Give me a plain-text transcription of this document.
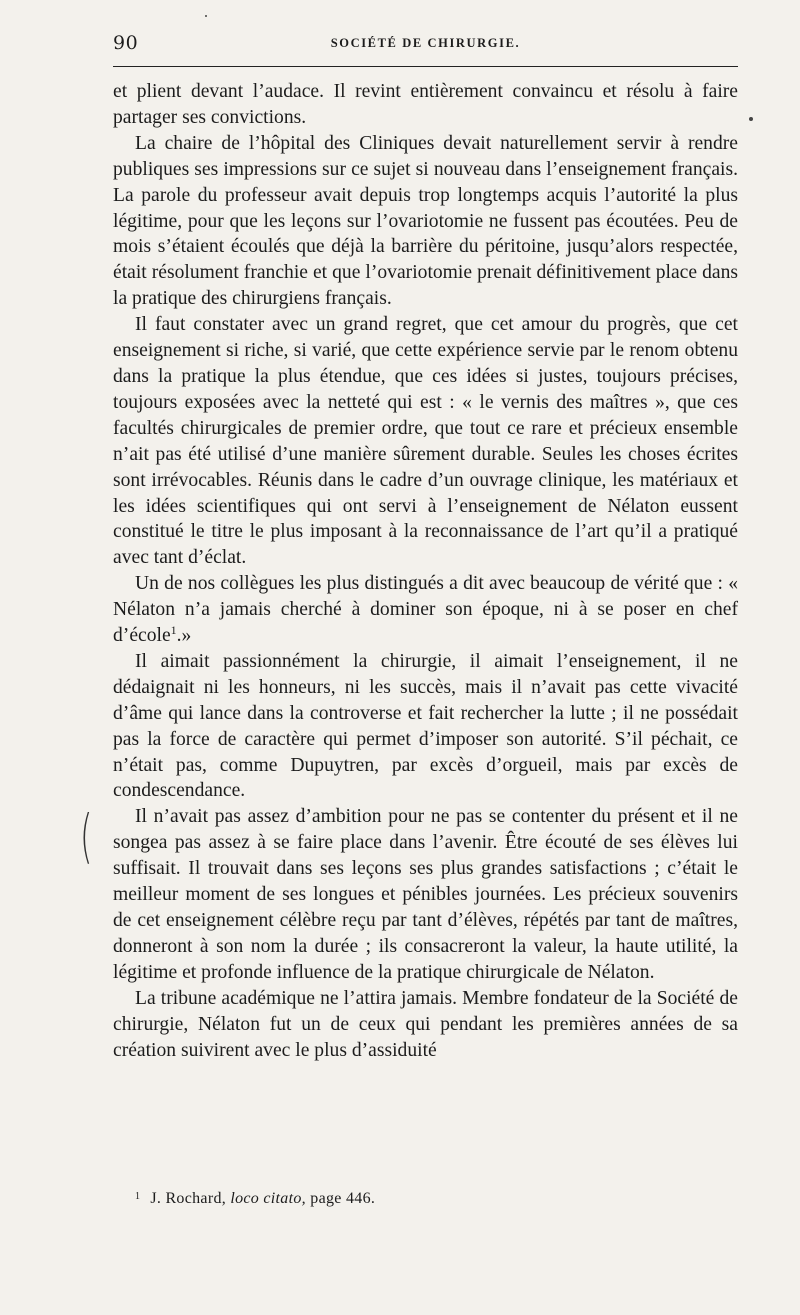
90	SOCIÉTÉ DE CHIRURGIE.

et plient devant l’audace. Il revint entièrement convaincu et résolu à faire partager ses convictions.

La chaire de l’hôpital des Cliniques devait naturellement servir à rendre publiques ses impressions sur ce sujet si nouveau dans l’enseignement français. La parole du professeur avait depuis trop longtemps acquis l’autorité la plus légitime, pour que les leçons sur l’ovariotomie ne fussent pas écoutées. Peu de mois s’étaient écoulés que déjà la barrière du péritoine, jusqu’alors respectée, était résolument franchie et que l’ovariotomie prenait définitivement place dans la pratique des chirurgiens français.

Il faut constater avec un grand regret, que cet amour du progrès, que cet enseignement si riche, si varié, que cette expérience servie par le renom obtenu dans la pratique la plus étendue, que ces idées si justes, toujours précises, toujours exposées avec la netteté qui est : « le vernis des maîtres », que ces facultés chirurgicales de premier ordre, que tout ce rare et précieux ensemble n’ait pas été utilisé d’une manière sûrement durable. Seules les choses écrites sont irrévocables. Réunis dans le cadre d’un ouvrage clinique, les matériaux et les idées scientifiques qui ont servi à l’enseignement de Nélaton eussent constitué le titre le plus imposant à la reconnaissance de l’art qu’il a pratiqué avec tant d’éclat.

Un de nos collègues les plus distingués a dit avec beaucoup de vérité que : « Nélaton n’a jamais cherché à dominer son époque, ni à se poser en chef d’école$^1$.»

Il aimait passionnément la chirurgie, il aimait l’enseignement, il ne dédaignait ni les honneurs, ni les succès, mais il n’avait pas cette vivacité d’âme qui lance dans la controverse et fait rechercher la lutte ; il ne possédait pas la force de caractère qui permet d’imposer son autorité. S’il péchait, ce n’était pas, comme Dupuytren, par excès d’orgueil, mais par excès de condescendance.

Il n’avait pas assez d’ambition pour ne pas se contenter du présent et il ne songea pas assez à se faire place dans l’avenir. Être écouté de ses élèves lui suffisait. Il trouvait dans ses leçons ses plus grandes satisfactions ; c’était le meilleur moment de ses longues et pénibles journées. Les précieux souvenirs de cet enseignement célèbre reçu par tant d’élèves, répétés par tant de maîtres, donneront à son nom la durée ; ils consacreront la valeur, la haute utilité, la légitime et profonde influence de la pratique chirurgicale de Nélaton.

La tribune académique ne l’attira jamais. Membre fondateur de la Société de chirurgie, Nélaton fut un de ceux qui pendant les premières années de sa création suivirent avec le plus d’assiduité

(
$^1$ J. Rochard, loco citato, page 446.
